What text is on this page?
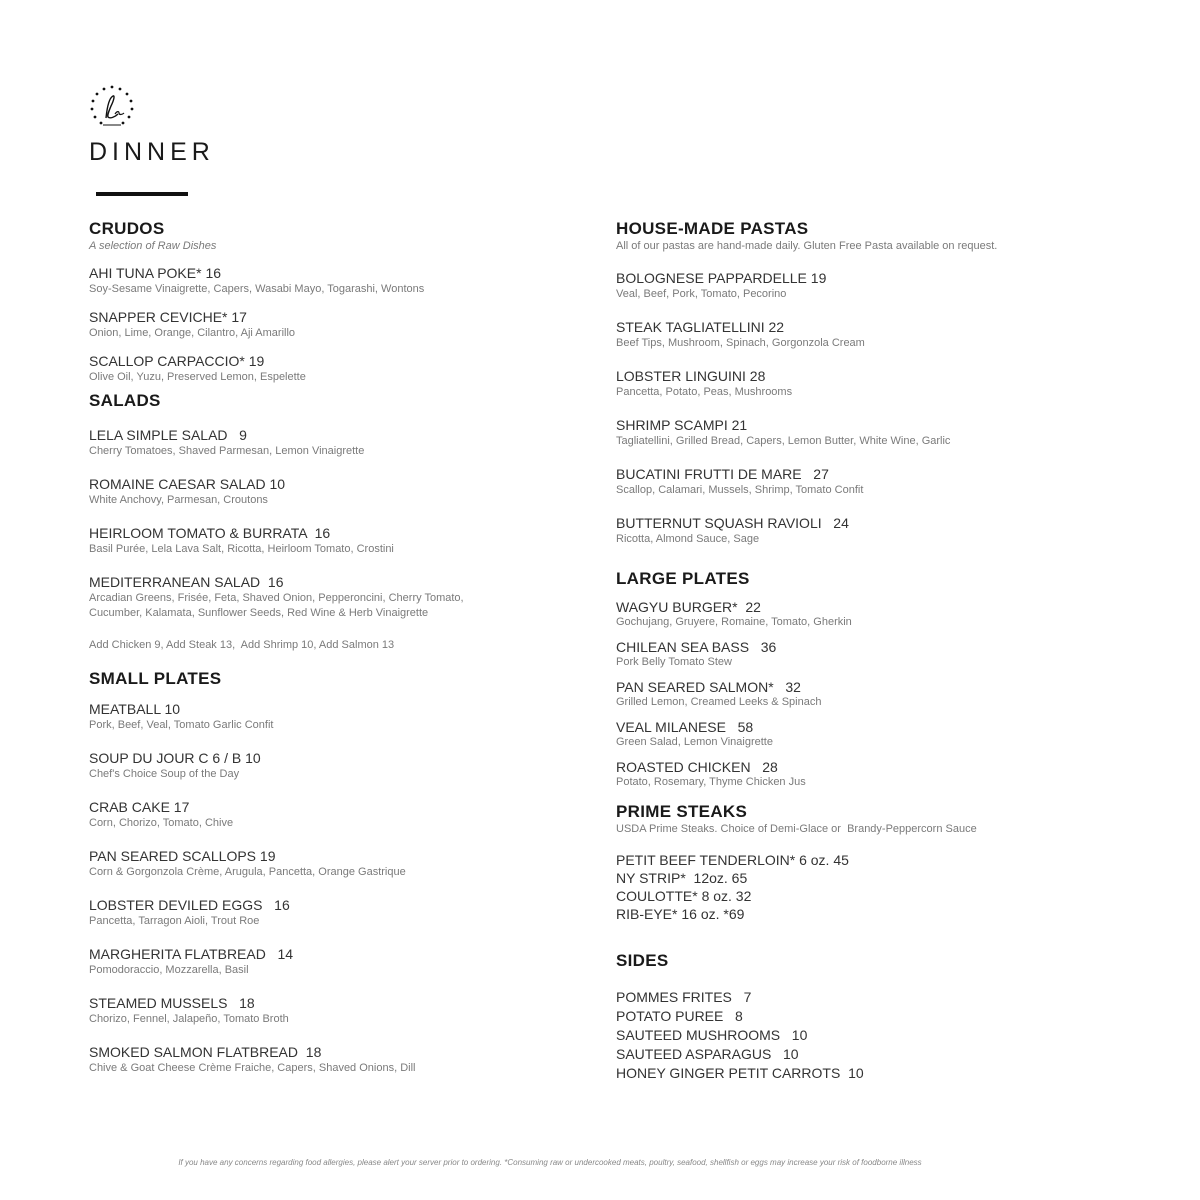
DINNER
CRUDOS

A selection of Raw Dishes

AHI TUNA POKE* 16
Soy-Sesame Vinaigrette, Capers, Wasabi Mayo, Togarashi, Wontons
SNAPPER CEVICHE* 17
Onion, Lime, Orange, Cilantro, Aji Amarillo
SCALLOP CARPACCIO* 19
Olive Oil, Yuzu, Preserved Lemon, Espelette
SALADS
LELA SIMPLE SALAD   9
Cherry Tomatoes, Shaved Parmesan, Lemon Vinaigrette
ROMAINE CAESAR SALAD 10
White Anchovy, Parmesan, Croutons
HEIRLOOM TOMATO & BURRATA  16
Basil Purée, Lela Lava Salt, Ricotta, Heirloom Tomato, Crostini
MEDITERRANEAN SALAD  16
Arcadian Greens, Frisée, Feta, Shaved Onion, Pepperoncini, Cherry Tomato,
Cucumber, Kalamata, Sunflower Seeds, Red Wine & Herb Vinaigrette
Add Chicken 9, Add Steak 13,  Add Shrimp 10, Add Salmon 13
SMALL PLATES
MEATBALL 10
Pork, Beef, Veal, Tomato Garlic Confit
SOUP DU JOUR C 6 / B 10
Chef's Choice Soup of the Day
CRAB CAKE 17
Corn, Chorizo, Tomato, Chive
PAN SEARED SCALLOPS 19
Corn & Gorgonzola Crème, Arugula, Pancetta, Orange Gastrique
LOBSTER DEVILED EGGS   16
Pancetta, Tarragon Aioli, Trout Roe
MARGHERITA FLATBREAD   14
Pomodoraccio, Mozzarella, Basil
STEAMED MUSSELS   18
Chorizo, Fennel, Jalapeño, Tomato Broth
SMOKED SALMON FLATBREAD  18
Chive & Goat Cheese Crème Fraiche, Capers, Shaved Onions, Dill
HOUSE-MADE PASTAS

All of our pastas are hand-made daily. Gluten Free Pasta available on request.

BOLOGNESE PAPPARDELLE 19
Veal, Beef, Pork, Tomato, Pecorino
STEAK TAGLIATELLINI 22
Beef Tips, Mushroom, Spinach, Gorgonzola Cream
LOBSTER LINGUINI 28
Pancetta, Potato, Peas, Mushrooms
SHRIMP SCAMPI 21
Tagliatellini, Grilled Bread, Capers, Lemon Butter, White Wine, Garlic
BUCATINI FRUTTI DE MARE   27
Scallop, Calamari, Mussels, Shrimp, Tomato Confit
BUTTERNUT SQUASH RAVIOLI   24
Ricotta, Almond Sauce, Sage
LARGE PLATES
WAGYU BURGER*  22
Gochujang, Gruyere, Romaine, Tomato, Gherkin
CHILEAN SEA BASS   36
Pork Belly Tomato Stew
PAN SEARED SALMON*   32
Grilled Lemon, Creamed Leeks & Spinach
VEAL MILANESE   58
Green Salad, Lemon Vinaigrette
ROASTED CHICKEN   28
Potato, Rosemary, Thyme Chicken Jus
PRIME STEAKS

USDA Prime Steaks. Choice of Demi-Glace or  Brandy-Peppercorn Sauce

PETIT BEEF TENDERLOIN* 6 oz. 45
NY STRIP*  12oz. 65
COULOTTE* 8 oz. 32
RIB-EYE* 16 oz. *69
SIDES
POMMES FRITES   7
POTATO PUREE   8
SAUTEED MUSHROOMS   10
SAUTEED ASPARAGUS   10
HONEY GINGER PETIT CARROTS  10
If you have any concerns regarding food allergies, please alert your server prior to ordering. *Consuming raw or undercooked meats, poultry, seafood, shellfish or eggs may increase your risk of foodborne illness
